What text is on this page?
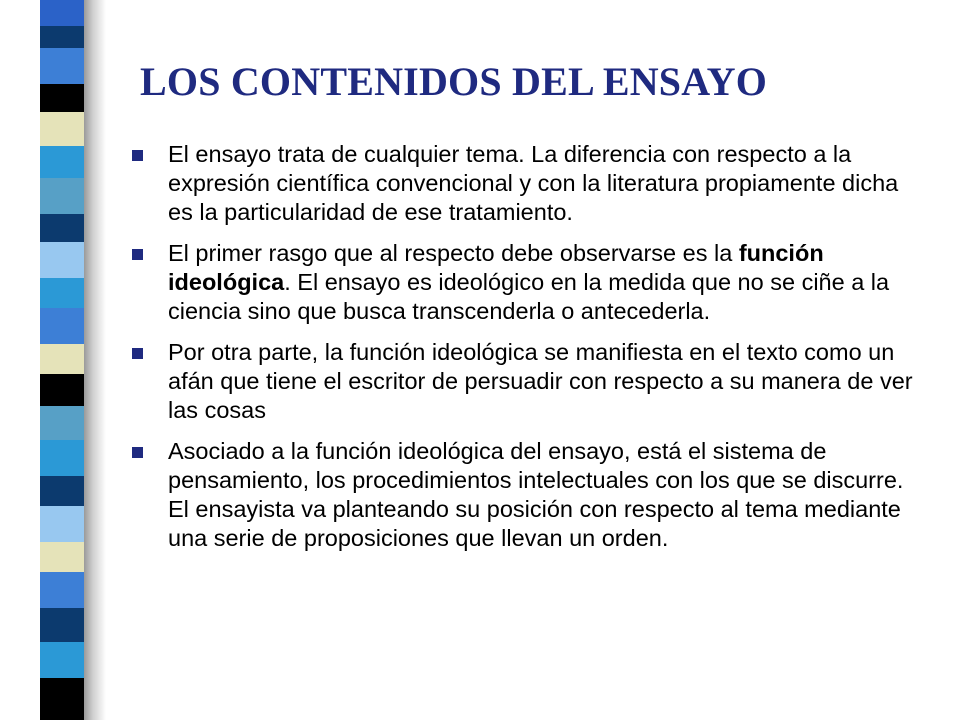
LOS CONTENIDOS DEL ENSAYO
El ensayo trata de cualquier tema. La diferencia con respecto a la expresión científica convencional y con la literatura propiamente dicha es la particularidad de ese tratamiento.
El primer rasgo que al respecto debe observarse es la función ideológica. El ensayo es ideológico en la medida que no se ciñe a la ciencia sino que busca transcenderla o antecederla.
Por otra parte, la función ideológica se manifiesta en el texto como un afán que tiene el escritor de persuadir con respecto a su manera de ver las cosas
Asociado a la función ideológica del ensayo, está el sistema de pensamiento, los procedimientos intelectuales con los que se discurre. El ensayista va planteando su posición con respecto al tema mediante una serie de proposiciones que llevan un orden.
